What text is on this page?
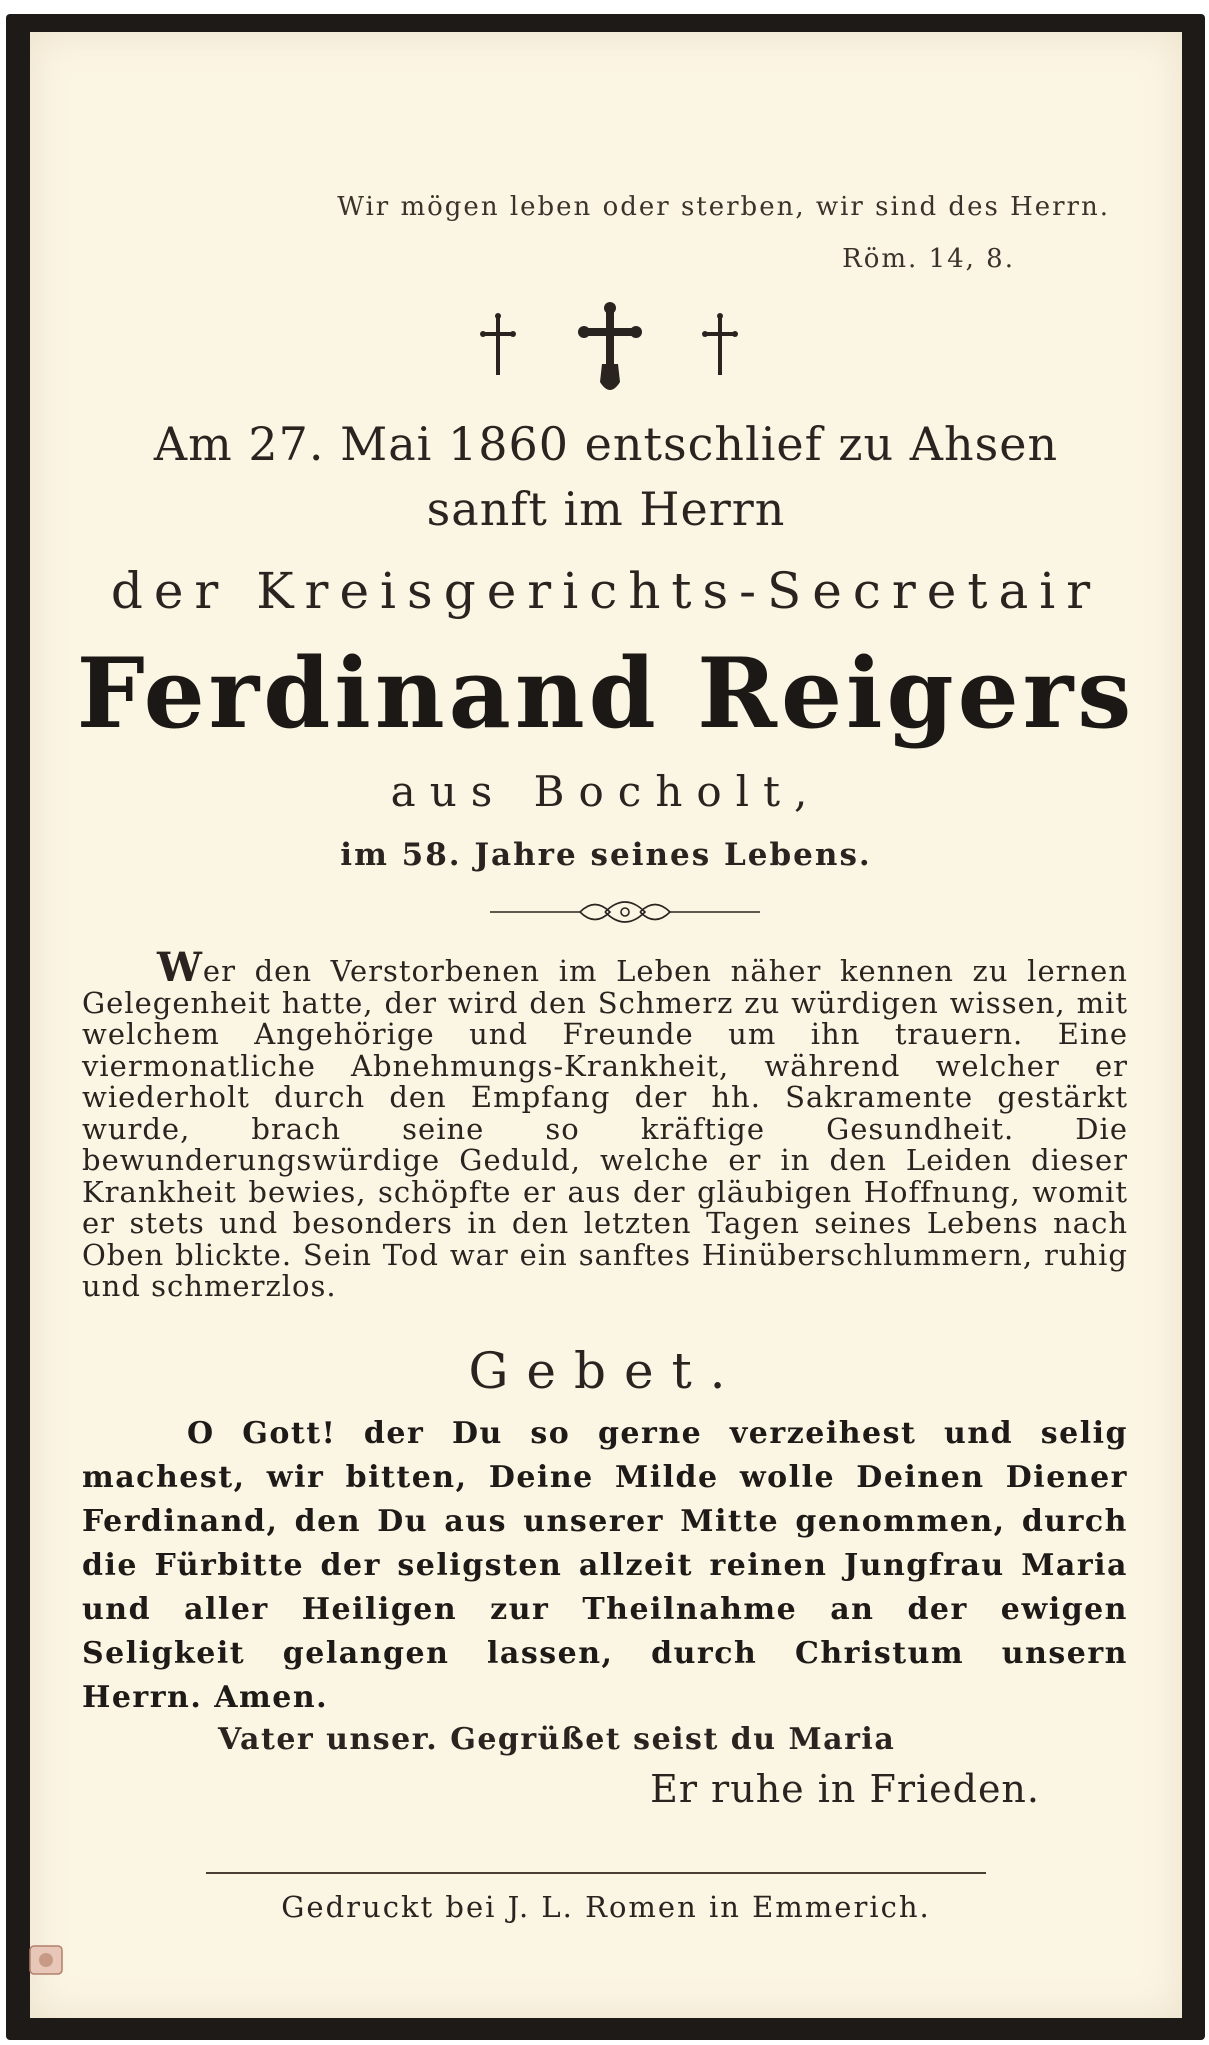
Wir mögen leben oder sterben, wir sind des Herrn.
Röm. 14, 8.
Am 27. Mai 1860 entschlief zu Ahsen
sanft im Herrn
der Kreisgerichts-Secretair
Ferdinand Reigers
aus Bocholt,
im 58. Jahre seines Lebens.
Wer den Verstorbenen im Leben näher kennen zu lernen Gelegenheit hatte, der wird den Schmerz zu würdigen wissen, mit welchem Angehörige und Freunde um ihn trauern. Eine viermonatliche Abnehmungs-Krankheit, während welcher er wiederholt durch den Empfang der hh. Sakramente gestärkt wurde, brach seine so kräftige Gesundheit. Die bewunderungswürdige Geduld, welche er in den Leiden dieser Krankheit bewies, schöpfte er aus der gläubigen Hoffnung, womit er stets und besonders in den letzten Tagen seines Lebens nach Oben blickte. Sein Tod war ein sanftes Hinüberschlummern, ruhig und schmerzlos.
Gebet.
O Gott! der Du so gerne verzeihest und selig machest, wir bitten, Deine Milde wolle Deinen Diener Ferdinand, den Du aus unserer Mitte genommen, durch die Fürbitte der seligsten allzeit reinen Jungfrau Maria und aller Heiligen zur Theilnahme an der ewigen Seligkeit gelangen lassen, durch Christum unsern Herrn. Amen.
Vater unser. Gegrüßet seist du Maria
Er ruhe in Frieden.
Gedruckt bei J. L. Romen in Emmerich.
